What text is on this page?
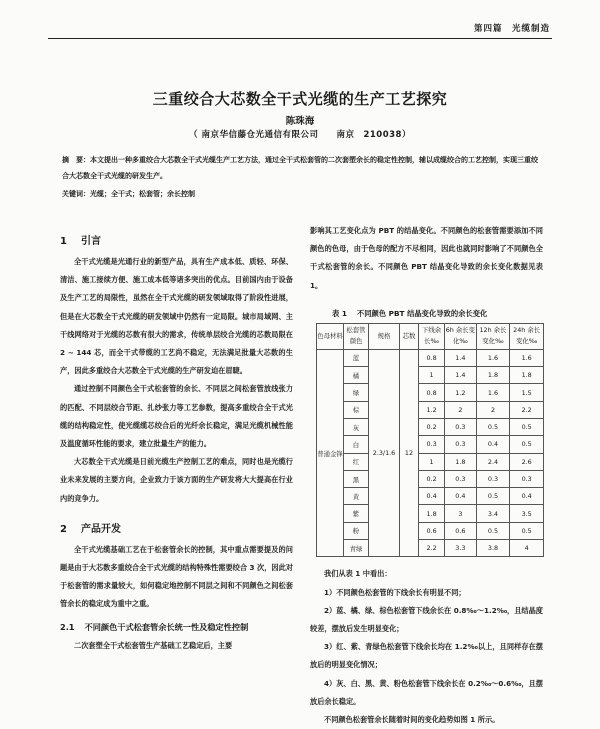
第四篇　光缆制造
三重绞合大芯数全干式光缆的生产工艺探究
陈珠海
（ 南京华信藤仓光通信有限公司　　南京　210038）
摘　要：本文提出一种多重绞合大芯数全干式光缆生产工艺方法，通过全干式松套管的二次套塑余长的稳定性控制，辅以成缆绞合的工艺控制，实现三重绞合大芯数全干式光缆的研发生产。
关键词：光缆；全干式；松套管；余长控制
1 引言

全干式光缆是光通行业的新型产品，具有生产成本低、质轻、环保、清洁、施工接续方便、施工成本低等诸多突出的优点。目前国内由于设备及生产工艺的局限性，虽然在全干式光缆的研发领域取得了阶段性进展，但是在大芯数全干式光缆的研发领域中仍然有一定局限。城市局域网、主干线网络对于光缆的芯数有很大的需求，传统单层绞合光缆的芯数局限在 2 ~ 144 芯，而全干式带缆的工艺尚不稳定，无法满足批量大芯数的生产，因此多重绞合大芯数全干式光缆的生产研发迫在眉睫。

通过控制不同颜色全干式松套管的余长、不同层之间松套管放线张力的匹配、不同层绞合节距、扎纱张力等工艺参数，提高多重绞合全干式光缆的结构稳定性，使光缆缆芯绞合后的光纤余长稳定，满足光缆机械性能及温度循环性能的要求，建立批量生产的能力。

大芯数全干式光缆是日前光缆生产控制工艺的难点，同时也是光缆行业未来发展的主要方向，企业致力于该方面的生产研发将大大提高在行业内的竞争力。

2 产品开发

全干式光缆基础工艺在于松套管余长的控制，其中重点需要提及的问题是由于大芯数多重绞合全干式光缆的结构特殊性需要绞合 3 次，因此对于松套管的需求量较大，如何稳定地控制不同层之间和不同颜色之间松套管余长的稳定成为重中之重。

2.1 不同颜色干式松套管余长统一性及稳定性控制

二次套塑全干式松套管生产基础工艺稳定后，主要

影响其工艺变化点为 PBT 的结晶变化。不同颜色的松套管需要添加不同颜色的色母，由于色母的配方不尽相同，因此也就同时影响了不同颜色全干式松套管的余长。不同颜色 PBT 结晶变化导致的余长变化数据见表 1。

表 1 不同颜色 PBT 结晶变化导致的余长变化
色母材料	松套管颜色	规格	芯数	下线余长‰	6h 余长变化‰	12h 余长变化‰	24h 余长变化‰
普通金锋	蓝	2.3/1.6	12	0.8	1.4	1.6	1.6
	橘			1	1.4	1.8	1.8
	绿			0.8	1.2	1.6	1.5
	棕			1.2	2	2	2.2
	灰			0.2	0.3	0.5	0.5
	白			0.3	0.3	0.4	0.5
	红			1	1.8	2.4	2.6
	黑			0.2	0.3	0.3	0.3
	黄			0.4	0.4	0.5	0.4
	紫			1.8	3	3.4	3.5
	粉			0.6	0.6	0.5	0.5
	青绿			2.2	3.3	3.8	4

我们从表 1 中看出：

1）不同颜色松套管的下线余长有明显不同；

2）蓝、橘、绿、棕色松套管下线余长在 0.8‰～1.2‰，且结晶度较差，摆放后发生明显变化；

3）红、紫、青绿色松套管下线余长均在 1.2‰以上，且同样存在摆放后的明显变化情况；

4）灰、白、黑、黄、粉色松套管下线余长在 0.2‰～0.6‰，且摆放后余长稳定。

不同颜色松套管余长随着时间的变化趋势如图 1 所示。
